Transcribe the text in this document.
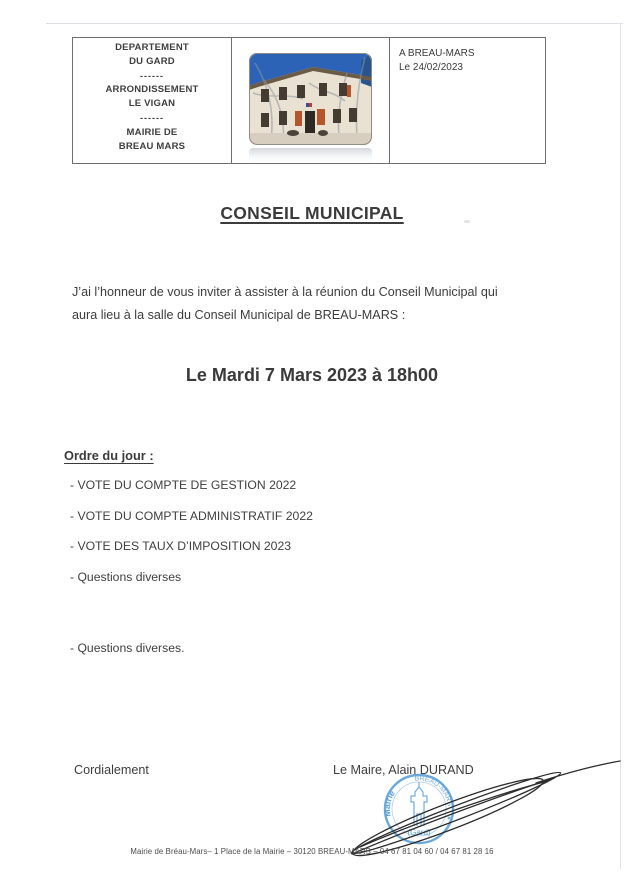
DEPARTEMENT
DU GARD
------
ARRONDISSEMENT
LE VIGAN
------
MAIRIE DE
BREAU MARS
A BREAU-MARS
Le 24/02/2023
CONSEIL MUNICIPAL
J’ai l’honneur de vous inviter à assister à la réunion du Conseil Municipal qui
aura lieu à la salle du Conseil Municipal de BREAU-MARS :
Le Mardi 7 Mars 2023 à 18h00
Ordre du jour :
- VOTE DU COMPTE DE GESTION 2022
- VOTE DU COMPTE ADMINISTRATIF 2022
- VOTE DES TAUX D’IMPOSITION 2023
- Questions diverses
- Questions diverses.
Cordialement	Le Maire, Alain DURAND
Mairie
BREAU-MARS
(Gard)
Mairie de Bréau-Mars– 1 Place de la Mairie – 30120 BREAU-MARS – 04 67 81 04 60 / 04 67 81 28 16
